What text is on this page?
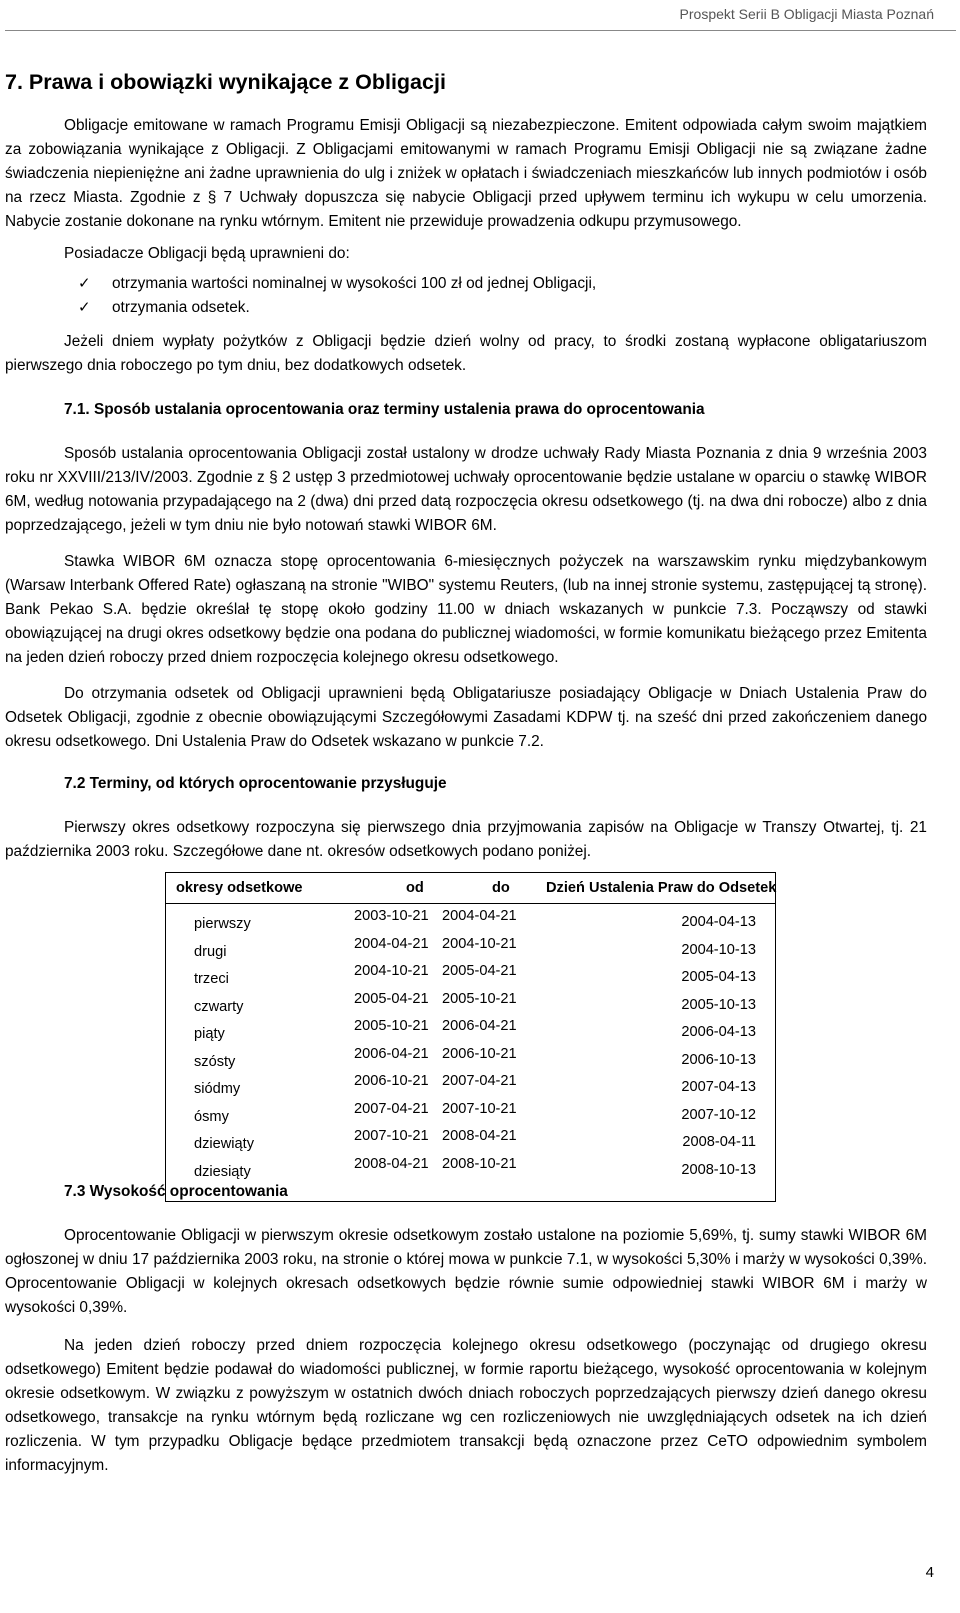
Prospekt Serii B Obligacji Miasta Poznań
7. Prawa i obowiązki wynikające z Obligacji

Obligacje emitowane w ramach Programu Emisji Obligacji są niezabezpieczone. Emitent odpowiada całym swoim majątkiem za zobowiązania wynikające z Obligacji. Z Obligacjami emitowanymi w ramach Programu Emisji Obligacji nie są związane żadne świadczenia niepieniężne ani żadne uprawnienia do ulg i zniżek w opłatach i świadczeniach mieszkańców lub innych podmiotów i osób na rzecz Miasta. Zgodnie z § 7 Uchwały dopuszcza się nabycie Obligacji przed upływem terminu ich wykupu w celu umorzenia. Nabycie zostanie dokonane na rynku wtórnym. Emitent nie przewiduje prowadzenia odkupu przymusowego.

Posiadacze Obligacji będą uprawnieni do:

✓ otrzymania wartości nominalnej w wysokości 100 zł od jednej Obligacji,
✓ otrzymania odsetek.

Jeżeli dniem wypłaty pożytków z Obligacji będzie dzień wolny od pracy, to środki zostaną wypłacone obligatariuszom pierwszego dnia roboczego po tym dniu, bez dodatkowych odsetek.

7.1. Sposób ustalania oprocentowania oraz terminy ustalenia prawa do oprocentowania

Sposób ustalania oprocentowania Obligacji został ustalony w drodze uchwały Rady Miasta Poznania z dnia 9 września 2003 roku nr XXVIII/213/IV/2003. Zgodnie z § 2 ustęp 3 przedmiotowej uchwały oprocentowanie będzie ustalane w oparciu o stawkę WIBOR 6M, według notowania przypadającego na 2 (dwa) dni przed datą rozpoczęcia okresu odsetkowego (tj. na dwa dni robocze) albo z dnia poprzedzającego, jeżeli w tym dniu nie było notowań stawki WIBOR 6M.

Stawka WIBOR 6M oznacza stopę oprocentowania 6-miesięcznych pożyczek na warszawskim rynku międzybankowym (Warsaw Interbank Offered Rate) ogłaszaną na stronie "WIBO" systemu Reuters, (lub na innej stronie systemu, zastępującej tą stronę). Bank Pekao S.A. będzie określał tę stopę około godziny 11.00 w dniach wskazanych w punkcie 7.3. Począwszy od stawki obowiązującej na drugi okres odsetkowy będzie ona podana do publicznej wiadomości, w formie komunikatu bieżącego przez Emitenta na jeden dzień roboczy przed dniem rozpoczęcia kolejnego okresu odsetkowego.

Do otrzymania odsetek od Obligacji uprawnieni będą Obligatariusze posiadający Obligacje w Dniach Ustalenia Praw do Odsetek Obligacji, zgodnie z obecnie obowiązującymi Szczegółowymi Zasadami KDPW tj. na sześć dni przed zakończeniem danego okresu odsetkowego. Dni Ustalenia Praw do Odsetek wskazano w punkcie 7.2.

7.2 Terminy, od których oprocentowanie przysługuje

Pierwszy okres odsetkowy rozpoczyna się pierwszego dnia przyjmowania zapisów na Obligacje w Transzy Otwartej, tj. 21 października 2003 roku. Szczegółowe dane nt. okresów odsetkowych podano poniżej.

okresy odsetkowe	od	do Dzień Ustalenia Praw do Odsetek
pierwszy	2003-10-21 2004-04-21	2004-04-13
drugi	2004-04-21 2004-10-21	2004-10-13
trzeci	2004-10-21 2005-04-21	2005-04-13
czwarty	2005-04-21 2005-10-21	2005-10-13
piąty	2005-10-21 2006-04-21	2006-04-13
szósty	2006-04-21 2006-10-21	2006-10-13
siódmy	2006-10-21 2007-04-21	2007-04-13
ósmy	2007-04-21 2007-10-21	2007-10-12
dziewiąty	2007-10-21 2008-04-21	2008-04-11
dziesiąty	2008-04-21 2008-10-21	2008-10-13
7.3 Wysokość oprocentowania

Oprocentowanie Obligacji w pierwszym okresie odsetkowym zostało ustalone na poziomie 5,69%, tj. sumy stawki WIBOR 6M ogłoszonej w dniu 17 października 2003 roku, na stronie o której mowa w punkcie 7.1, w wysokości 5,30% i marży w wysokości 0,39%. Oprocentowanie Obligacji w kolejnych okresach odsetkowych będzie równie sumie odpowiedniej stawki WIBOR 6M i marży w wysokości 0,39%.

Na jeden dzień roboczy przed dniem rozpoczęcia kolejnego okresu odsetkowego (poczynając od drugiego okresu odsetkowego) Emitent będzie podawał do wiadomości publicznej, w formie raportu bieżącego, wysokość oprocentowania w kolejnym okresie odsetkowym. W związku z powyższym w ostatnich dwóch dniach roboczych poprzedzających pierwszy dzień danego okresu odsetkowego, transakcje na rynku wtórnym będą rozliczane wg cen rozliczeniowych nie uwzględniających odsetek na ich dzień rozliczenia. W tym przypadku Obligacje będące przedmiotem transakcji będą oznaczone przez CeTO odpowiednim symbolem informacyjnym.

4
